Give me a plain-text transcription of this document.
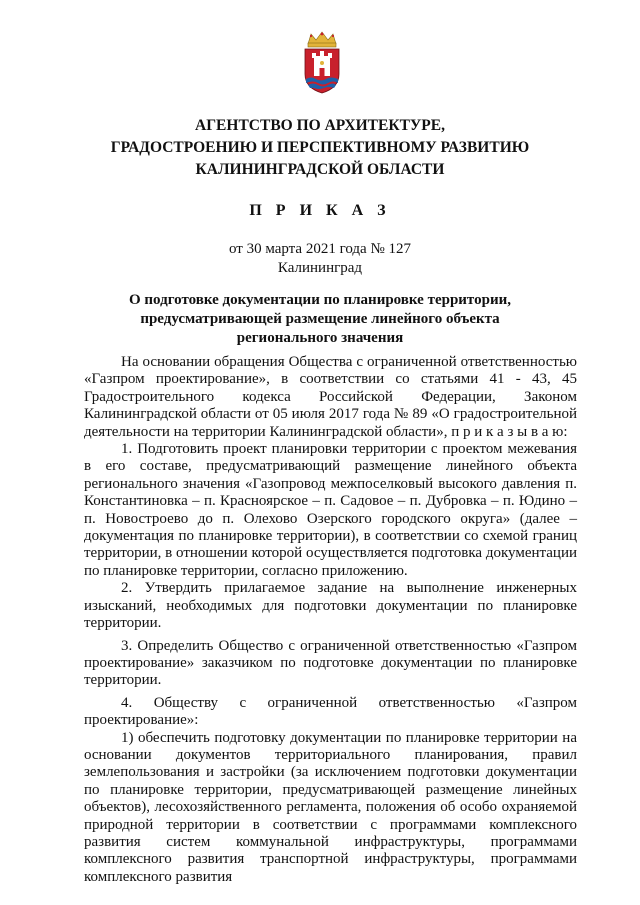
АГЕНТСТВО ПО АРХИТЕКТУРЕ,
ГРАДОСТРОЕНИЮ И ПЕРСПЕКТИВНОМУ РАЗВИТИЮ
КАЛИНИНГРАДСКОЙ ОБЛАСТИ
П Р И К А З
от 30 марта 2021 года № 127
Калининград
О подготовке документации по планировке территории,
предусматривающей размещение линейного объекта
регионального значения

На основании обращения Общества с ограниченной ответственностью «Газпром проектирование», в соответствии со статьями 41 - 43, 45 Градостроительного кодекса Российской Федерации, Законом Калининградской области от 05 июля 2017 года № 89 «О градостроительной деятельности на территории Калининградской области», п р и к а з ы в а ю:

1. Подготовить проект планировки территории с проектом межевания в его составе, предусматривающий размещение линейного объекта регионального значения «Газопровод межпоселковый высокого давления п. Константиновка – п. Красноярское – п. Садовое – п. Дубровка – п. Юдино – п. Новостроево до п. Олехово Озерского городского округа» (далее – документация по планировке территории), в соответствии со схемой границ территории, в отношении которой осуществляется подготовка документации по планировке территории, согласно приложению.

2. Утвердить прилагаемое задание на выполнение инженерных изысканий, необходимых для подготовки документации по планировке территории.

3. Определить Общество с ограниченной ответственностью «Газпром проектирование» заказчиком по подготовке документации по планировке территории.

4. Обществу с ограниченной ответственностью «Газпром проектирование»:

1) обеспечить подготовку документации по планировке территории на основании документов территориального планирования, правил землепользования и застройки (за исключением подготовки документации по планировке территории, предусматривающей размещение линейных объектов), лесохозяйственного регламента, положения об особо охраняемой природной территории в соответствии с программами комплексного развития систем коммунальной инфраструктуры, программами комплексного развития транспортной инфраструктуры, программами комплексного развития
